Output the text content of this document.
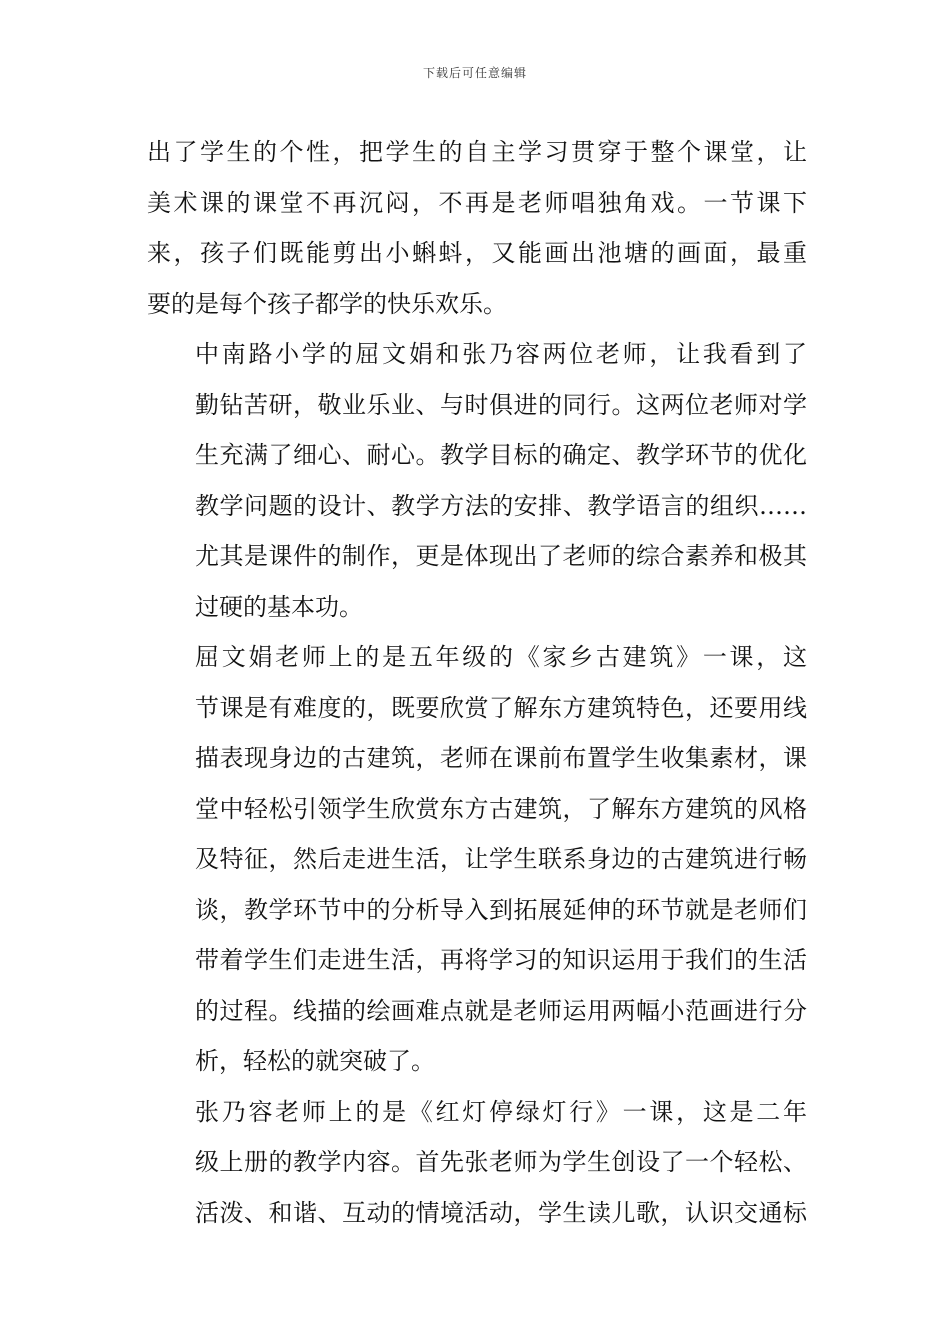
下载后可任意编辑

出了学生的个性，把学生的自主学习贯穿于整个课堂，让
美术课的课堂不再沉闷，不再是老师唱独角戏。一节课下
来，孩子们既能剪出小蝌蚪，又能画出池塘的画面，最重
要的是每个孩子都学的快乐欢乐。

中南路小学的屈文娟和张乃容两位老师，让我看到了
勤钻苦研，敬业乐业、与时俱进的同行。这两位老师对学
生充满了细心、耐心。教学目标的确定、教学环节的优化
教学问题的设计、教学方法的安排、教学语言的组织……
尤其是课件的制作，更是体现出了老师的综合素养和极其
过硬的基本功。

屈文娟老师上的是五年级的《家乡古建筑》一课，这
节课是有难度的，既要欣赏了解东方建筑特色，还要用线
描表现身边的古建筑，老师在课前布置学生收集素材，课
堂中轻松引领学生欣赏东方古建筑，了解东方建筑的风格
及特征，然后走进生活，让学生联系身边的古建筑进行畅
谈，教学环节中的分析导入到拓展延伸的环节就是老师们
带着学生们走进生活，再将学习的知识运用于我们的生活
的过程。线描的绘画难点就是老师运用两幅小范画进行分
析，轻松的就突破了。

张乃容老师上的是《红灯停绿灯行》一课，这是二年
级上册的教学内容。首先张老师为学生创设了一个轻松、
活泼、和谐、互动的情境活动，学生读儿歌，认识交通标
